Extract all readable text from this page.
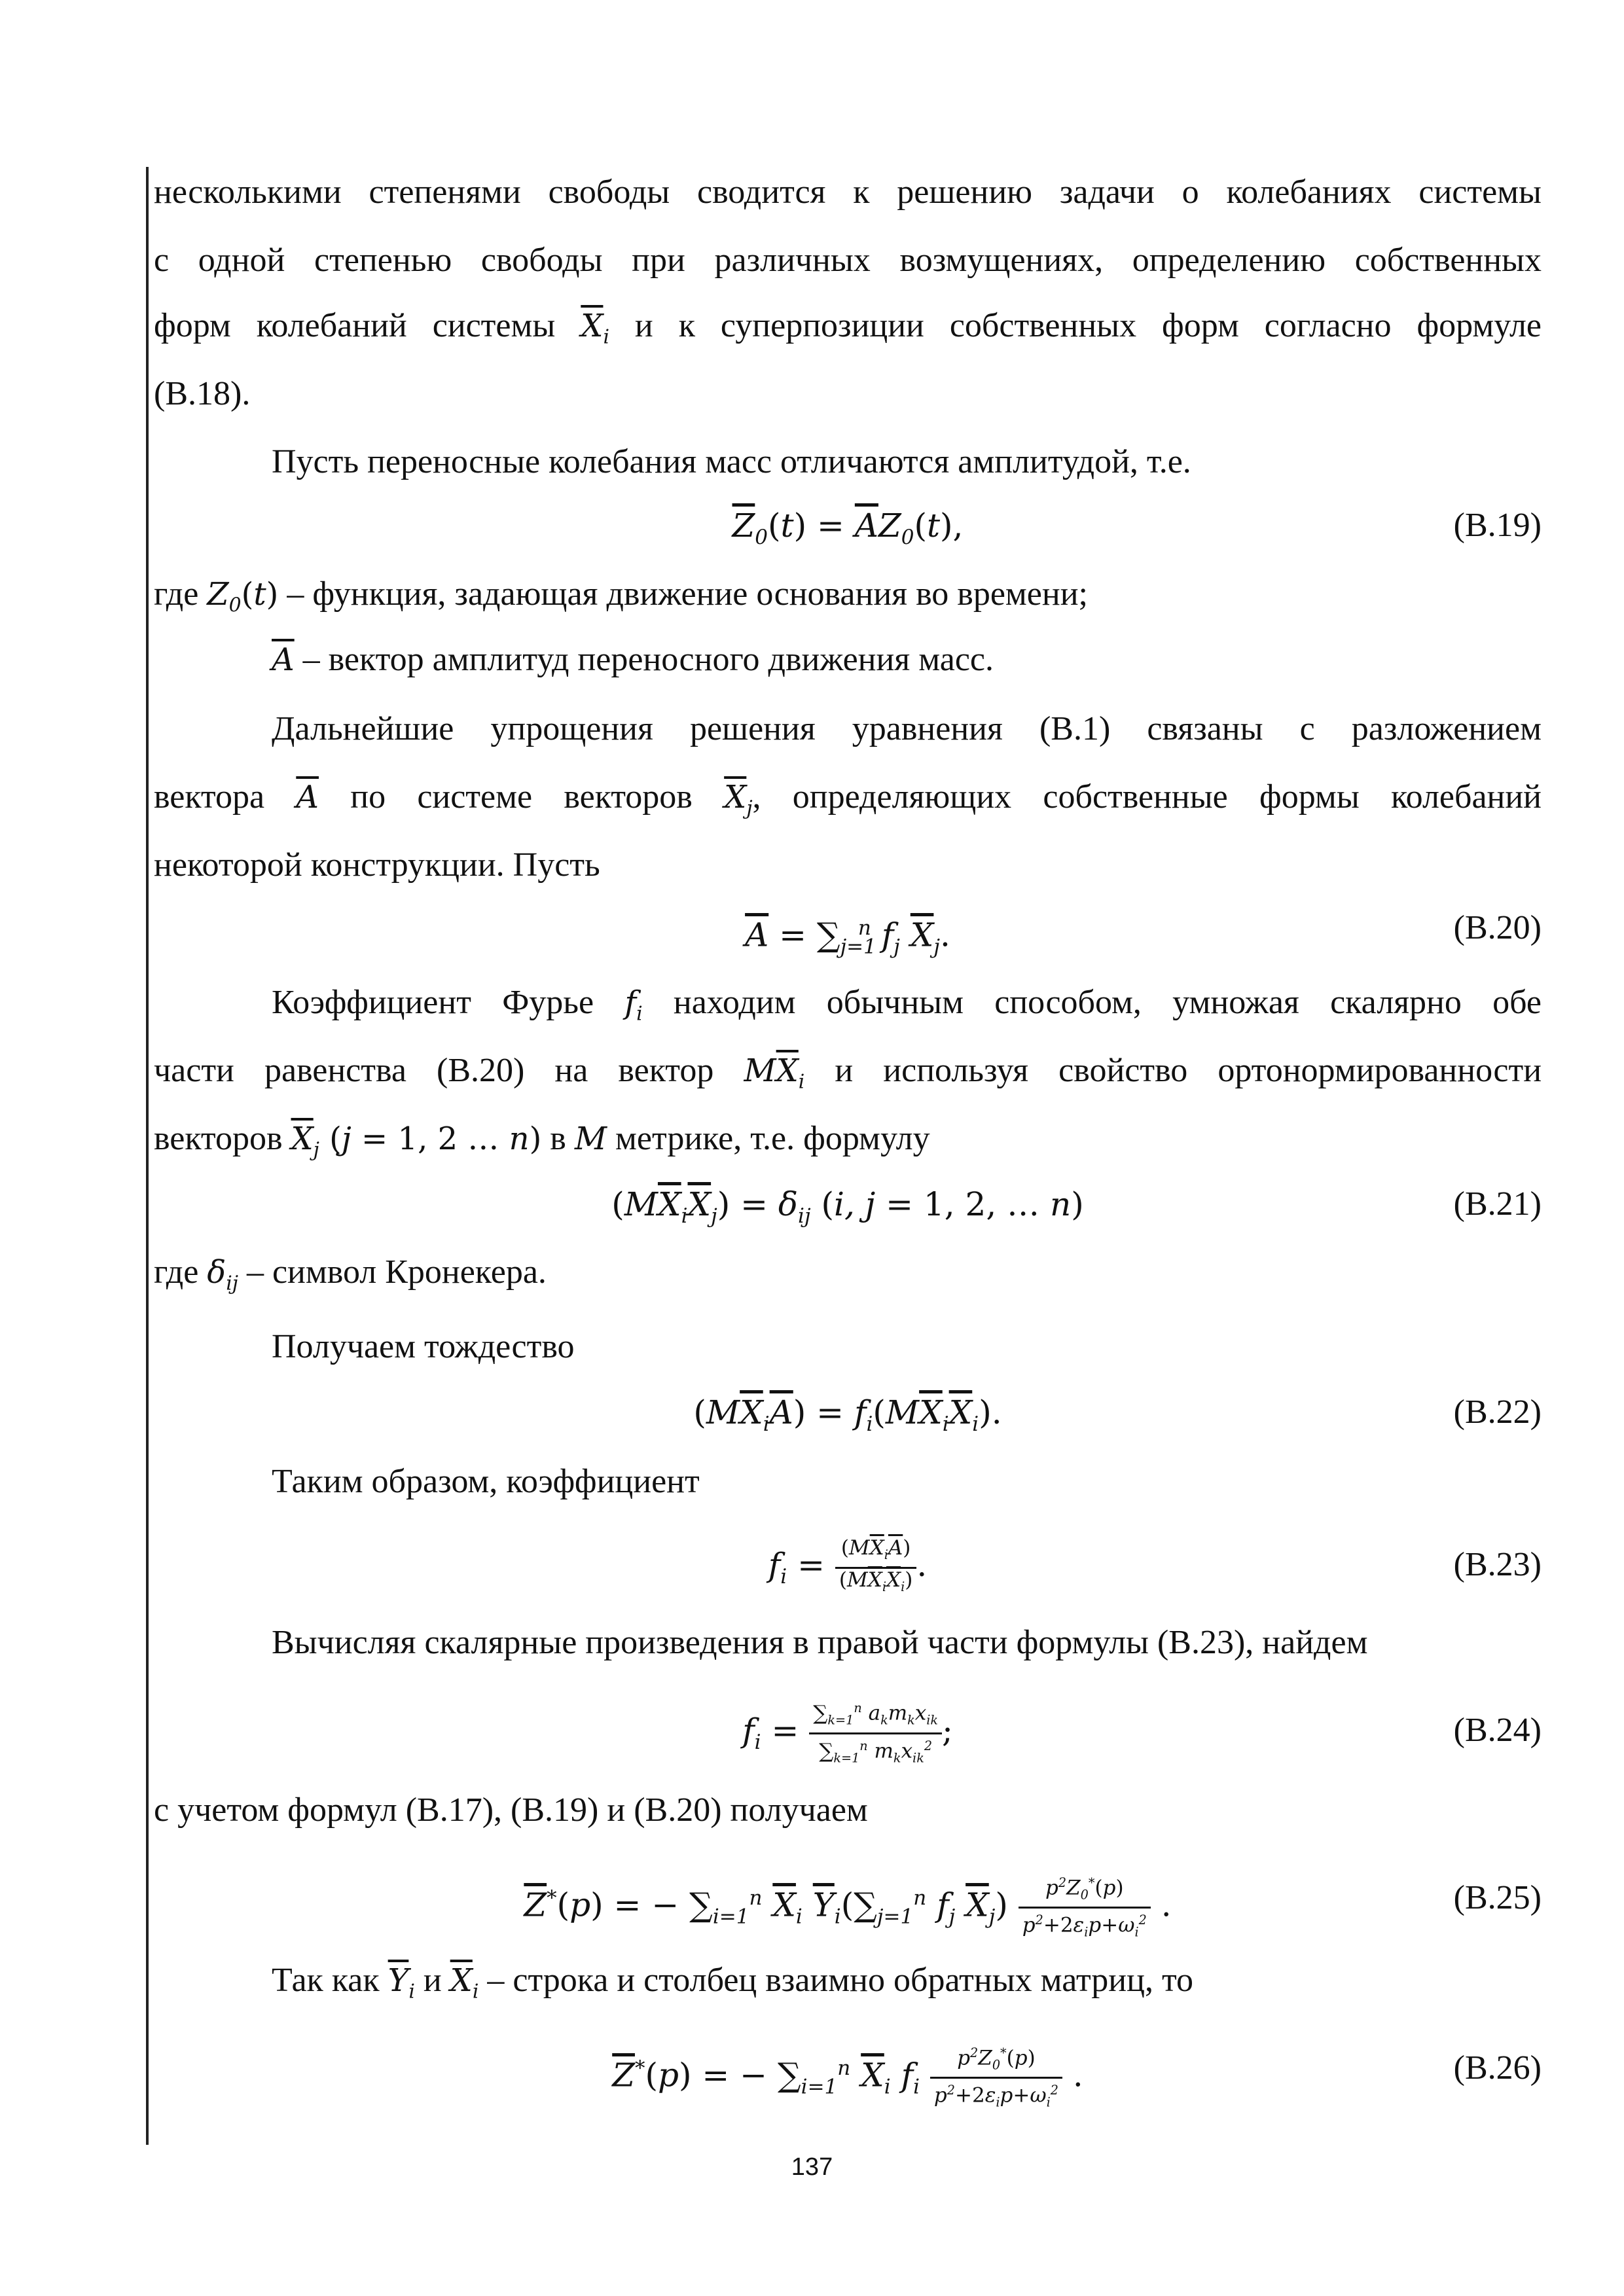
несколькими степенями свободы сводится к решению задачи о колебаниях системы
с одной степенью свободы при различных возмущениях, определению собственных
форм колебаний системы $\overline{X}_i$ и к суперпозиции собственных форм согласно формуле
(В.18).
Пусть переносные колебания масс отличаются амплитудой, т.е.
$\overline{Z}_0(t) = \overline{A}Z_0(t)$,	(В.19)
где $Z_0(t)$ – функция, задающая движение основания во времени;
$\overline{A}$ – вектор амплитуд переносного движения масс.
Дальнейшие упрощения решения уравнения (В.1) связаны с разложением
вектора $\overline{A}$ по системе векторов $\overline{X}_j$, определяющих собственные формы колебаний
некоторой конструкции. Пусть
$\overline{A} = \sum_{j=1}^n$ $f_j$ $\overline{X}_j$.	(В.20)
Коэффициент Фурье $f_i$ находим обычным способом, умножая скалярно обе
части равенства (В.20) на вектор $M\overline{X}_i$ и используя свойство ортонормированности
векторов $\overline{X}_j$ (j = 1, 2 … n) в M метрике, т.е. формулу
$(M\overline{X}_i\overline{X}_j) = \delta_{ij}$ (i, j = 1, 2, … n)	(В.21)
где $\delta_{ij}$ – символ Кронекера.
Получаем тождество
$(M\overline{X}_i\overline{A}) = f_i(M\overline{X}_i\overline{X}_i)$.	(В.22)
Таким образом, коэффициент
$f_i = \frac{(M\overline{X}_i\overline{A})}{(M\overline{X}_i\overline{X}_i)}$ .	(В.23)
Вычисляя скалярные произведения в правой части формулы (В.23), найдем
$f_i = \frac{\sum_{k=1}^n a_km_kx_{ik}}{\sum_{k=1}^n m_kx_{ik}^2}$ ;	(В.24)
с учетом формул (В.17), (В.19) и (В.20) получаем
$\overline{Z}^*(p)$ = − $\sum_{i=1}^n$ $\overline{X}_i$ $\overline{Y}_i(\sum_{j=1}^n$ $f_j$ $\overline{X}_j) \frac{p^2Z_0^*(p)}{p^2+2\varepsilon_ip+\omega_i^2}$ .	(В.25)
Так как $\overline{Y}_i$ и $\overline{X}_i$ – строка и столбец взаимно обратных матриц, то
$\overline{Z}^*(p)$ = − $\sum_{i=1}^n$ $\overline{X}_i$ $f_i \frac{p^2Z_0^*(p)}{p^2+2\varepsilon_ip+\omega_i^2}$ .	(В.26)
137
